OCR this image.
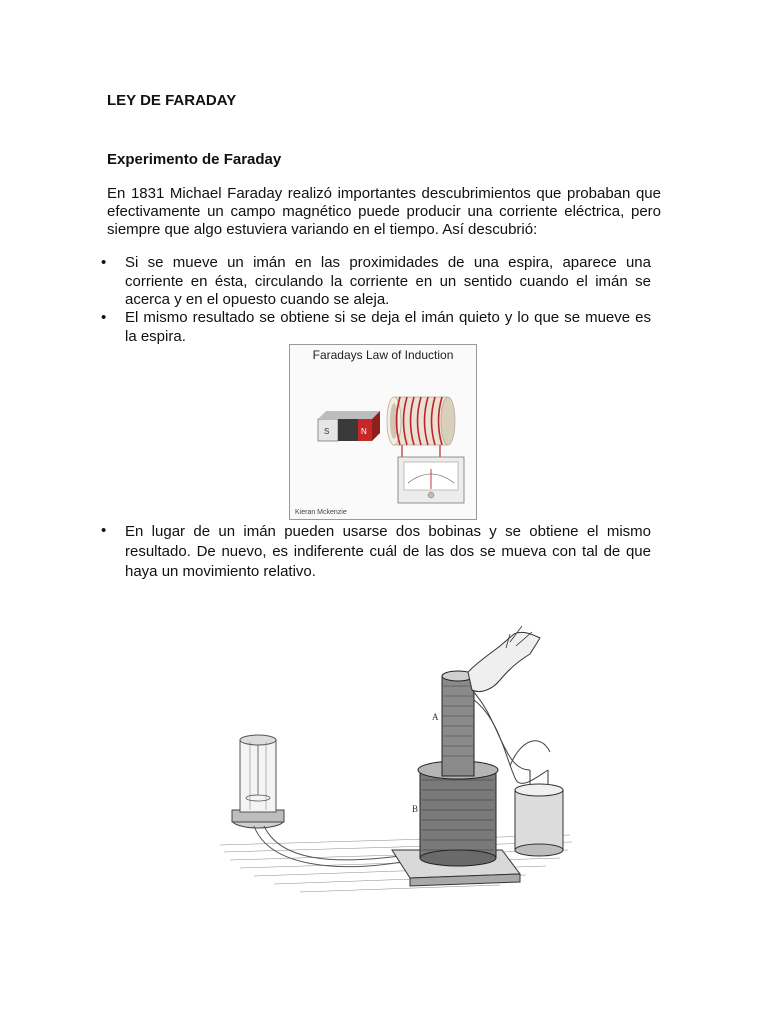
LEY DE FARADAY
Experimento de Faraday
En 1831 Michael Faraday realizó importantes descubrimientos que probaban que efectivamente un campo magnético puede producir una corriente eléctrica, pero siempre que algo estuviera variando en el tiempo. Así descubrió:
• Si se mueve un imán en las proximidades de una espira, aparece una corriente en ésta, circulando la corriente en un sentido cuando el imán se acerca y en el opuesto cuando se aleja.
• El mismo resultado se obtiene si se deja el imán quieto y lo que se mueve es la espira.
• En lugar de un imán pueden usarse dos bobinas y se obtiene el mismo resultado. De nuevo, es indiferente cuál de las dos se mueva con tal de que haya un movimiento relativo.
Faradays Law of Induction
S	N
Kieran Mckenzie
B
A
